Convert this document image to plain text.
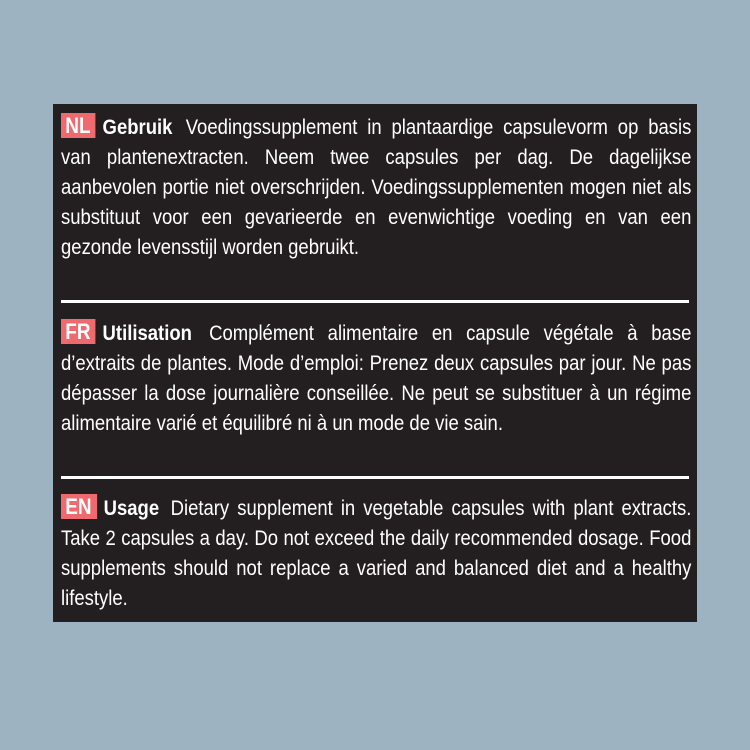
NL Gebruik Voedingssupplement in plantaardige capsulevorm op basis van plantenextracten. Neem twee capsules per dag. De dagelijkse aanbevolen portie niet overschrijden. Voedingssupplementen mogen niet als substituut voor een gevarieerde en evenwichtige voeding en van een gezonde levensstijl worden gebruikt.
FR Utilisation Complément alimentaire en capsule végétale à base d’extraits de plantes. Mode d’emploi: Prenez deux capsules par jour. Ne pas dépasser la dose journalière conseillée. Ne peut se substituer à un régime alimentaire varié et équilibré ni à un mode de vie sain.
EN Usage Dietary supplement in vegetable capsules with plant extracts. Take 2 capsules a day. Do not exceed the daily recommended dosage. Food supplements should not replace a varied and balanced diet and a healthy lifestyle.
